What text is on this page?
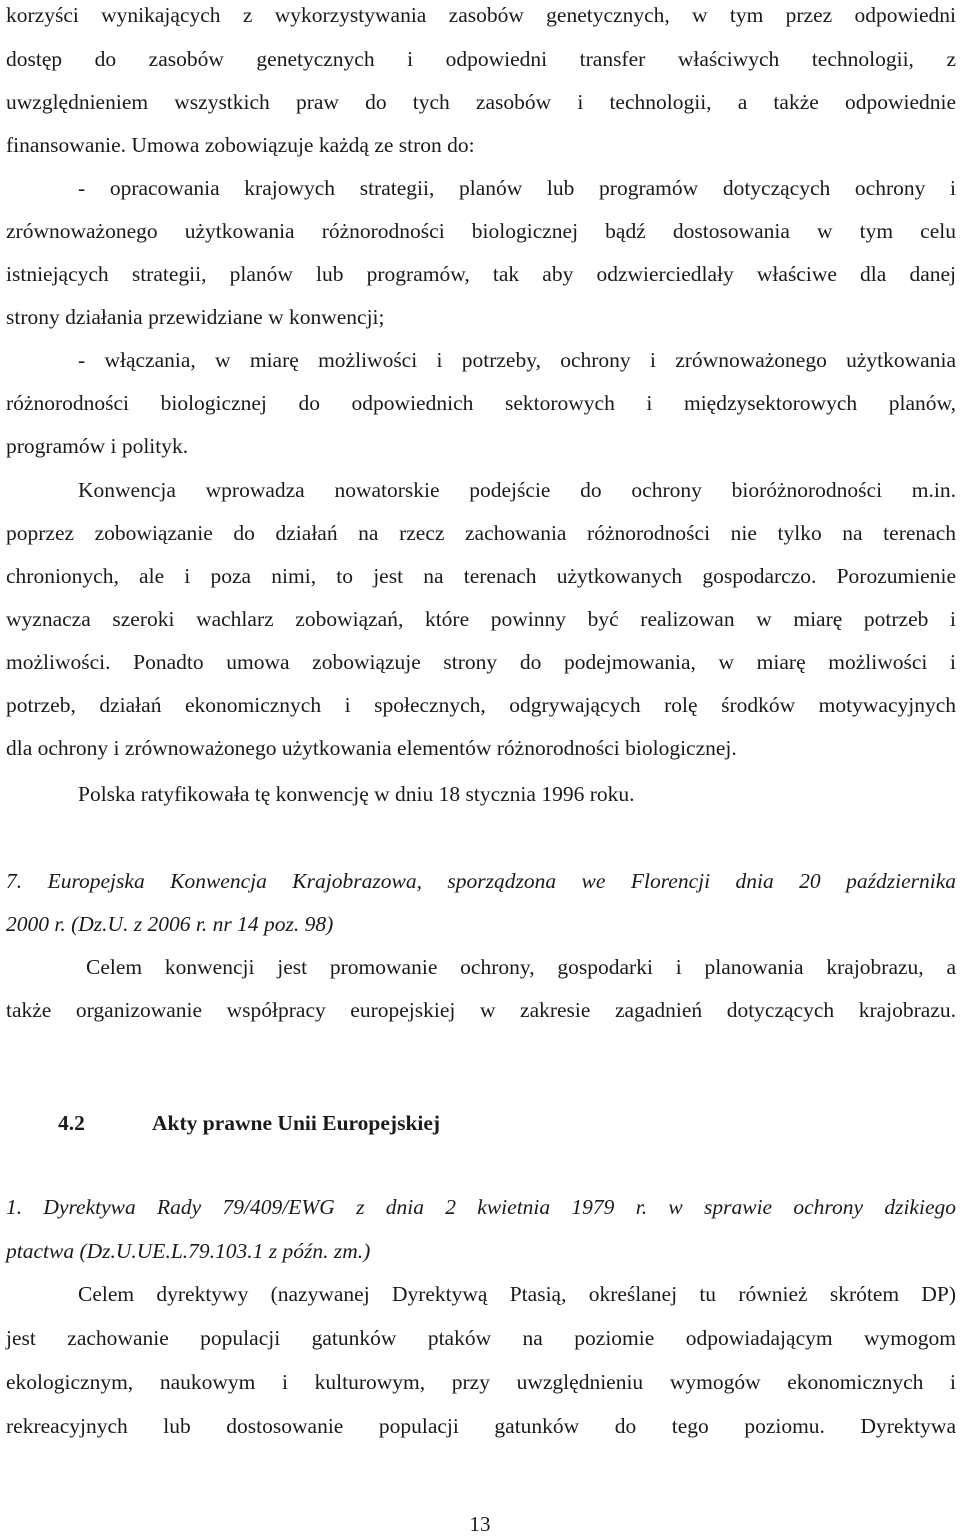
korzyści wynikających z wykorzystywania zasobów genetycznych, w tym przez odpowiedni
dostęp do zasobów genetycznych i odpowiedni transfer właściwych technologii, z
uwzględnieniem wszystkich praw do tych zasobów i technologii, a także odpowiednie
finansowanie. Umowa zobowiązuje każdą ze stron do:
- opracowania krajowych strategii, planów lub programów dotyczących ochrony i
zrównoważonego użytkowania różnorodności biologicznej bądź dostosowania w tym celu
istniejących strategii, planów lub programów, tak aby odzwierciedlały właściwe dla danej
strony działania przewidziane w konwencji;
- włączania, w miarę możliwości i potrzeby, ochrony i zrównoważonego użytkowania
różnorodności biologicznej do odpowiednich sektorowych i międzysektorowych planów,
programów i polityk.
Konwencja wprowadza nowatorskie podejście do ochrony bioróżnorodności m.in.
poprzez zobowiązanie do działań na rzecz zachowania różnorodności nie tylko na terenach
chronionych, ale i poza nimi, to jest na terenach użytkowanych gospodarczo. Porozumienie
wyznacza szeroki wachlarz zobowiązań, które powinny być realizowan w miarę potrzeb i
możliwości. Ponadto umowa zobowiązuje strony do podejmowania, w miarę możliwości i
potrzeb, działań ekonomicznych i społecznych, odgrywających rolę środków motywacyjnych
dla ochrony i zrównoważonego użytkowania elementów różnorodności biologicznej.
Polska ratyfikowała tę konwencję w dniu 18 stycznia 1996 roku.
7. Europejska Konwencja Krajobrazowa, sporządzona we Florencji dnia 20 października
2000 r. (Dz.U. z 2006 r. nr 14 poz. 98)
Celem konwencji jest promowanie ochrony, gospodarki i planowania krajobrazu, a
także organizowanie współpracy europejskiej w zakresie zagadnień dotyczących krajobrazu.
4.2	Akty prawne Unii Europejskiej
1. Dyrektywa Rady 79/409/EWG z dnia 2 kwietnia 1979 r. w sprawie ochrony dzikiego
ptactwa (Dz.U.UE.L.79.103.1 z późn. zm.)
Celem dyrektywy (nazywanej Dyrektywą Ptasią, określanej tu również skrótem DP)
jest zachowanie populacji gatunków ptaków na poziomie odpowiadającym wymogom
ekologicznym, naukowym i kulturowym, przy uwzględnieniu wymogów ekonomicznych i
rekreacyjnych lub dostosowanie populacji gatunków do tego poziomu. Dyrektywa
13
